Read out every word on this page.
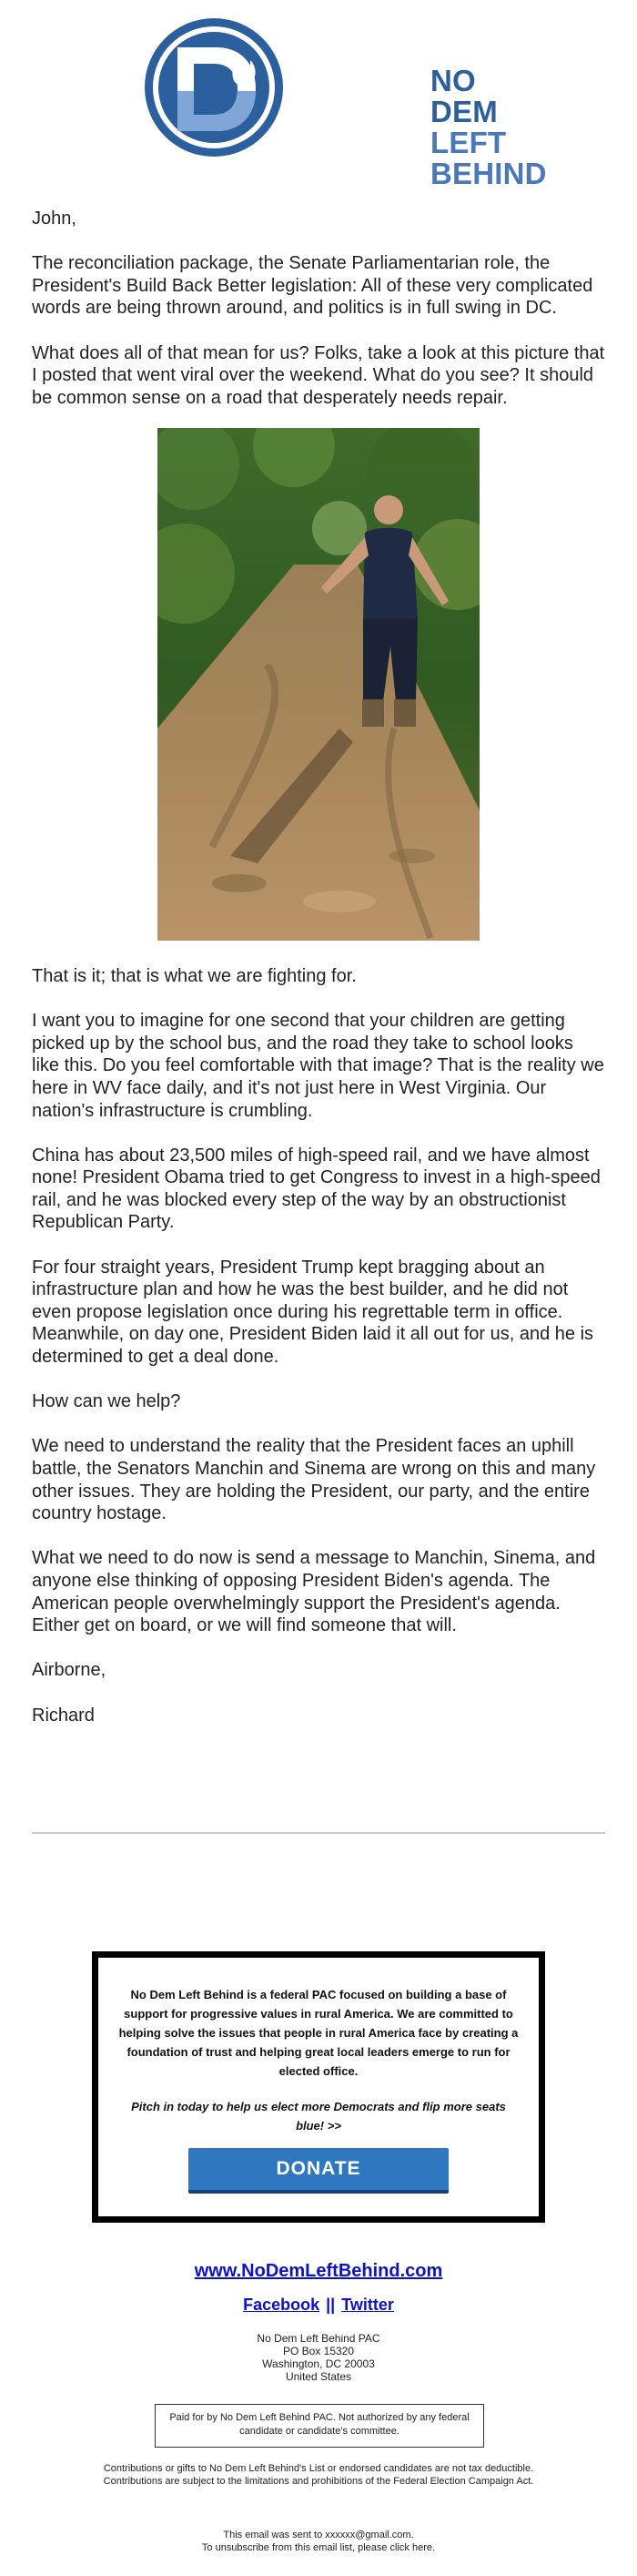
NO DEM
LEFT BEHIND

John,

The reconciliation package, the Senate Parliamentarian role, the President's Build Back Better legislation: All of these very complicated words are being thrown around, and politics is in full swing in DC.

What does all of that mean for us? Folks, take a look at this picture that I posted that went viral over the weekend. What do you see? It should be common sense on a road that desperately needs repair.

That is it; that is what we are fighting for.

I want you to imagine for one second that your children are getting picked up by the school bus, and the road they take to school looks like this. Do you feel comfortable with that image? That is the reality we here in WV face daily, and it's not just here in West Virginia. Our nation's infrastructure is crumbling.

China has about 23,500 miles of high-speed rail, and we have almost none! President Obama tried to get Congress to invest in a high-speed rail, and he was blocked every step of the way by an obstructionist Republican Party.

For four straight years, President Trump kept bragging about an infrastructure plan and how he was the best builder, and he did not even propose legislation once during his regrettable term in office. Meanwhile, on day one, President Biden laid it all out for us, and he is determined to get a deal done.

How can we help?

We need to understand the reality that the President faces an uphill battle, the Senators Manchin and Sinema are wrong on this and many other issues. They are holding the President, our party, and the entire country hostage.

What we need to do now is send a message to Manchin, Sinema, and anyone else thinking of opposing President Biden's agenda. The American people overwhelmingly support the President's agenda. Either get on board, or we will find someone that will.

Airborne,

Richard

No Dem Left Behind is a federal PAC focused on building a base of support for progressive values in rural America. We are committed to helping solve the issues that people in rural America face by creating a foundation of trust and helping great local leaders emerge to run for elected office.
Pitch in today to help us elect more Democrats and flip more seats blue! >>
DONATE
www.NoDemLeftBehind.com
Facebook || Twitter
No Dem Left Behind PAC
PO Box 15320
Washington, DC 20003
United States
Paid for by No Dem Left Behind PAC. Not authorized by any federal candidate or candidate's committee.
Contributions or gifts to No Dem Left Behind's List or endorsed candidates are not tax deductible.
Contributions are subject to the limitations and prohibitions of the Federal Election Campaign Act.
This email was sent to xxxxxx@gmail.com.
To unsubscribe from this email list, please click here.
